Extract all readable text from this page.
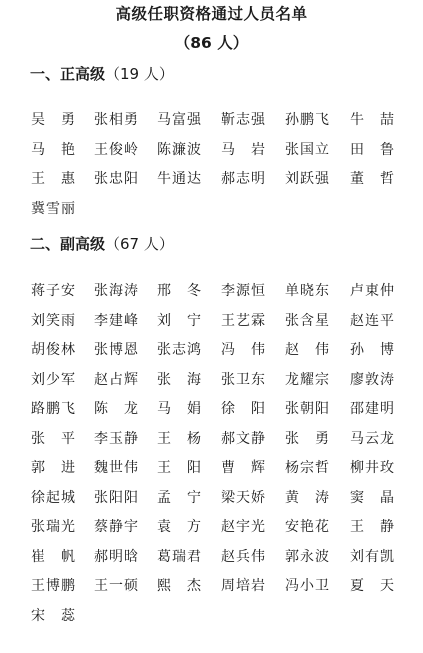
高级任职资格通过人员名单
（86 人）
一、正高级（19 人）
吴　勇 张相勇 马富强 靳志强 孙鹏飞 牛　喆
马　艳 王俊岭 陈濂波 马　岩 张国立 田　鲁
王　惠 张忠阳 牛通达 郝志明 刘跃强 董　哲
冀雪丽
二、副高级（67 人）
蒋子安 张海涛 邢　冬 李源恒 单晓东 卢東仲
刘笑雨 李建峰 刘　宁 王艺霖 张含星 赵连平
胡俊林 张博恩 张志鸿 冯　伟 赵　伟 孙　博
刘少军 赵占辉 张　海 张卫东 龙耀宗 廖敦涛
路鹏飞 陈　龙 马　娟 徐　阳 张朝阳 邵建明
张　平 李玉静 王　杨 郝文静 张　勇 马云龙
郭　进 魏世伟 王　阳 曹　辉 杨宗哲 柳井玫
徐起城 张阳阳 孟　宁 梁天娇 黄　涛 窦　晶
张瑞光 蔡静宇 袁　方 赵宇光 安艳花 王　静
崔　帆 郝明晗 葛瑞君 赵兵伟 郭永波 刘有凯
王博鹏 王一硕 熙　杰 周培岩 冯小卫 夏　天
宋　蕊
